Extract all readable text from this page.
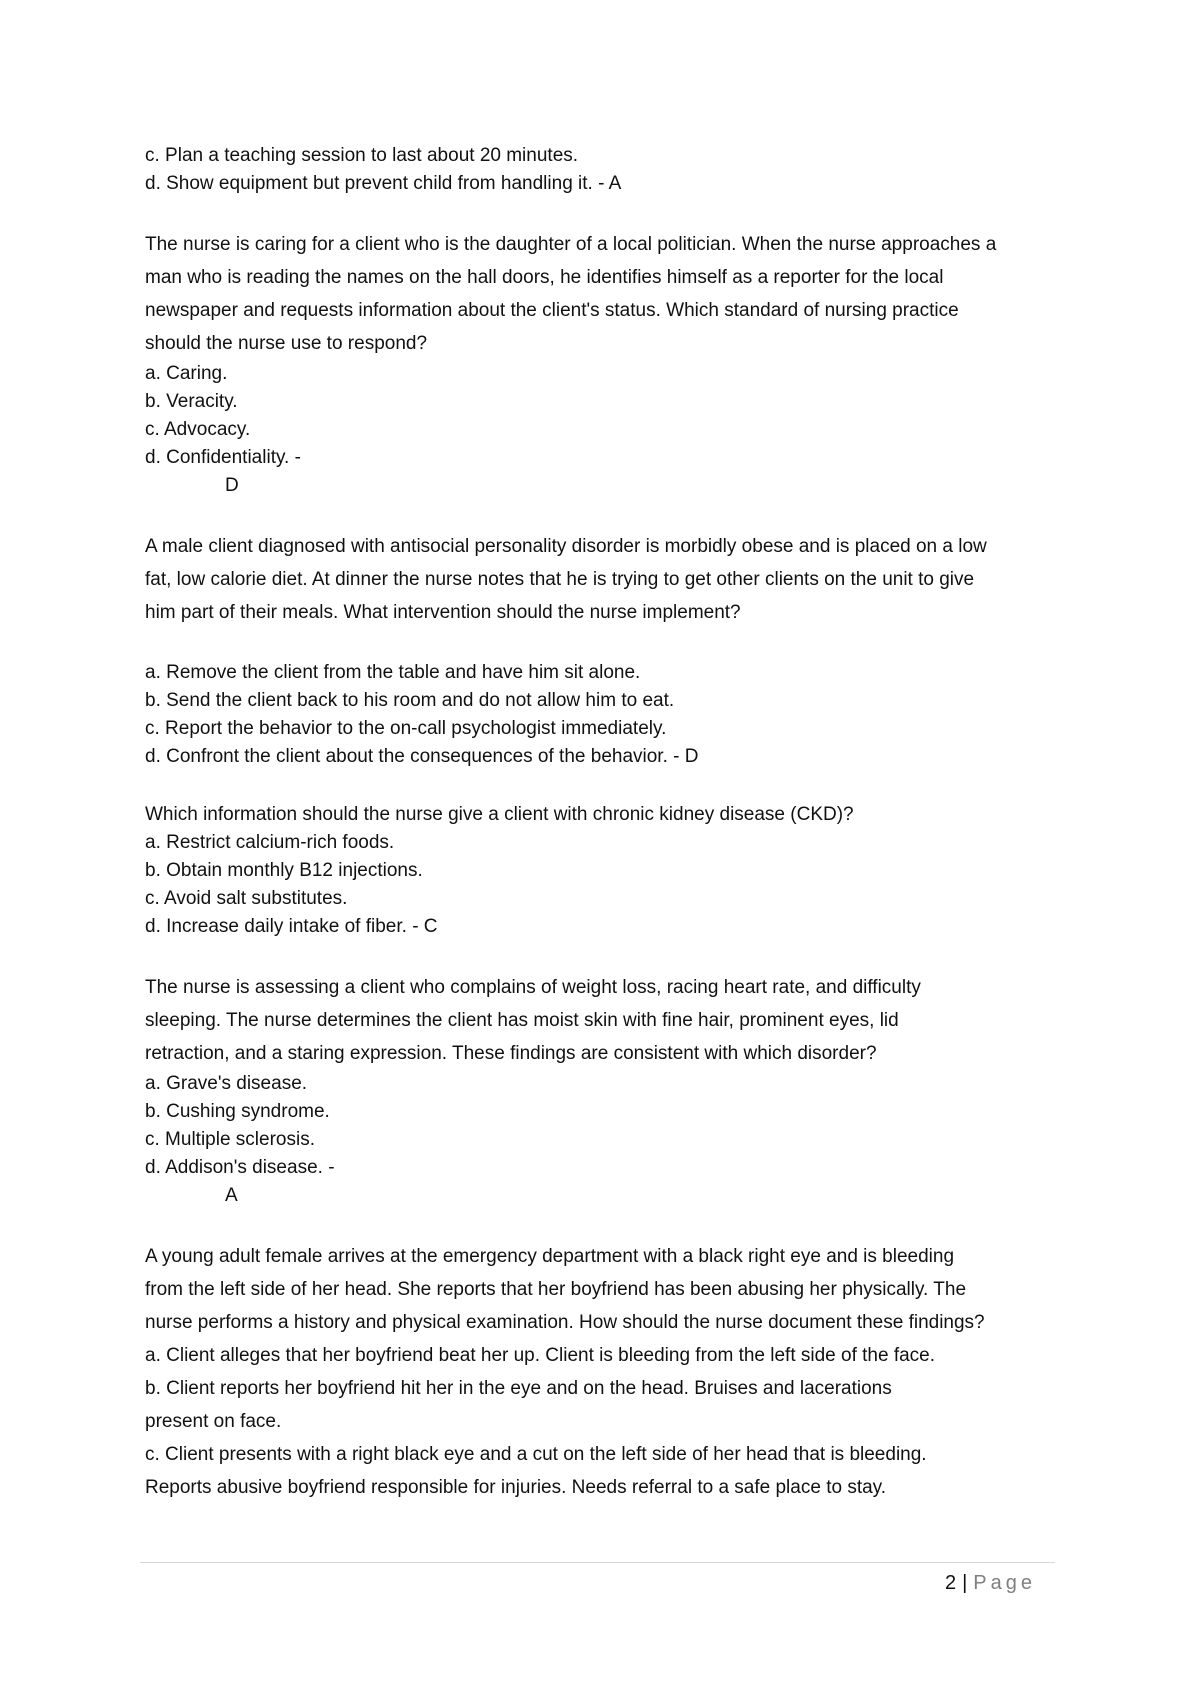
c. Plan a teaching session to last about 20 minutes.
d. Show equipment but prevent child from handling it. - A
The nurse is caring for a client who is the daughter of a local politician. When the nurse approaches a
man who is reading the names on the hall doors, he identifies himself as a reporter for the local
newspaper and requests information about the client's status. Which standard of nursing practice
should the nurse use to respond?
a. Caring.
b. Veracity.
c. Advocacy.
d. Confidentiality. -
D
A male client diagnosed with antisocial personality disorder is morbidly obese and is placed on a low
fat, low calorie diet. At dinner the nurse notes that he is trying to get other clients on the unit to give
him part of their meals. What intervention should the nurse implement?
a. Remove the client from the table and have him sit alone.
b. Send the client back to his room and do not allow him to eat.
c. Report the behavior to the on-call psychologist immediately.
d. Confront the client about the consequences of the behavior. - D
Which information should the nurse give a client with chronic kidney disease (CKD)?
a. Restrict calcium-rich foods.
b. Obtain monthly B12 injections.
c. Avoid salt substitutes.
d. Increase daily intake of fiber. - C
The nurse is assessing a client who complains of weight loss, racing heart rate, and difficulty
sleeping. The nurse determines the client has moist skin with fine hair, prominent eyes, lid
retraction, and a staring expression. These findings are consistent with which disorder?
a. Grave's disease.
b. Cushing syndrome.
c. Multiple sclerosis.
d. Addison's disease. -
A
A young adult female arrives at the emergency department with a black right eye and is bleeding
from the left side of her head. She reports that her boyfriend has been abusing her physically. The
nurse performs a history and physical examination. How should the nurse document these findings?
a. Client alleges that her boyfriend beat her up. Client is bleeding from the left side of the face.
b. Client reports her boyfriend hit her in the eye and on the head. Bruises and lacerations
present on face.
c. Client presents with a right black eye and a cut on the left side of her head that is bleeding.
Reports abusive boyfriend responsible for injuries. Needs referral to a safe place to stay.
2 | Page
